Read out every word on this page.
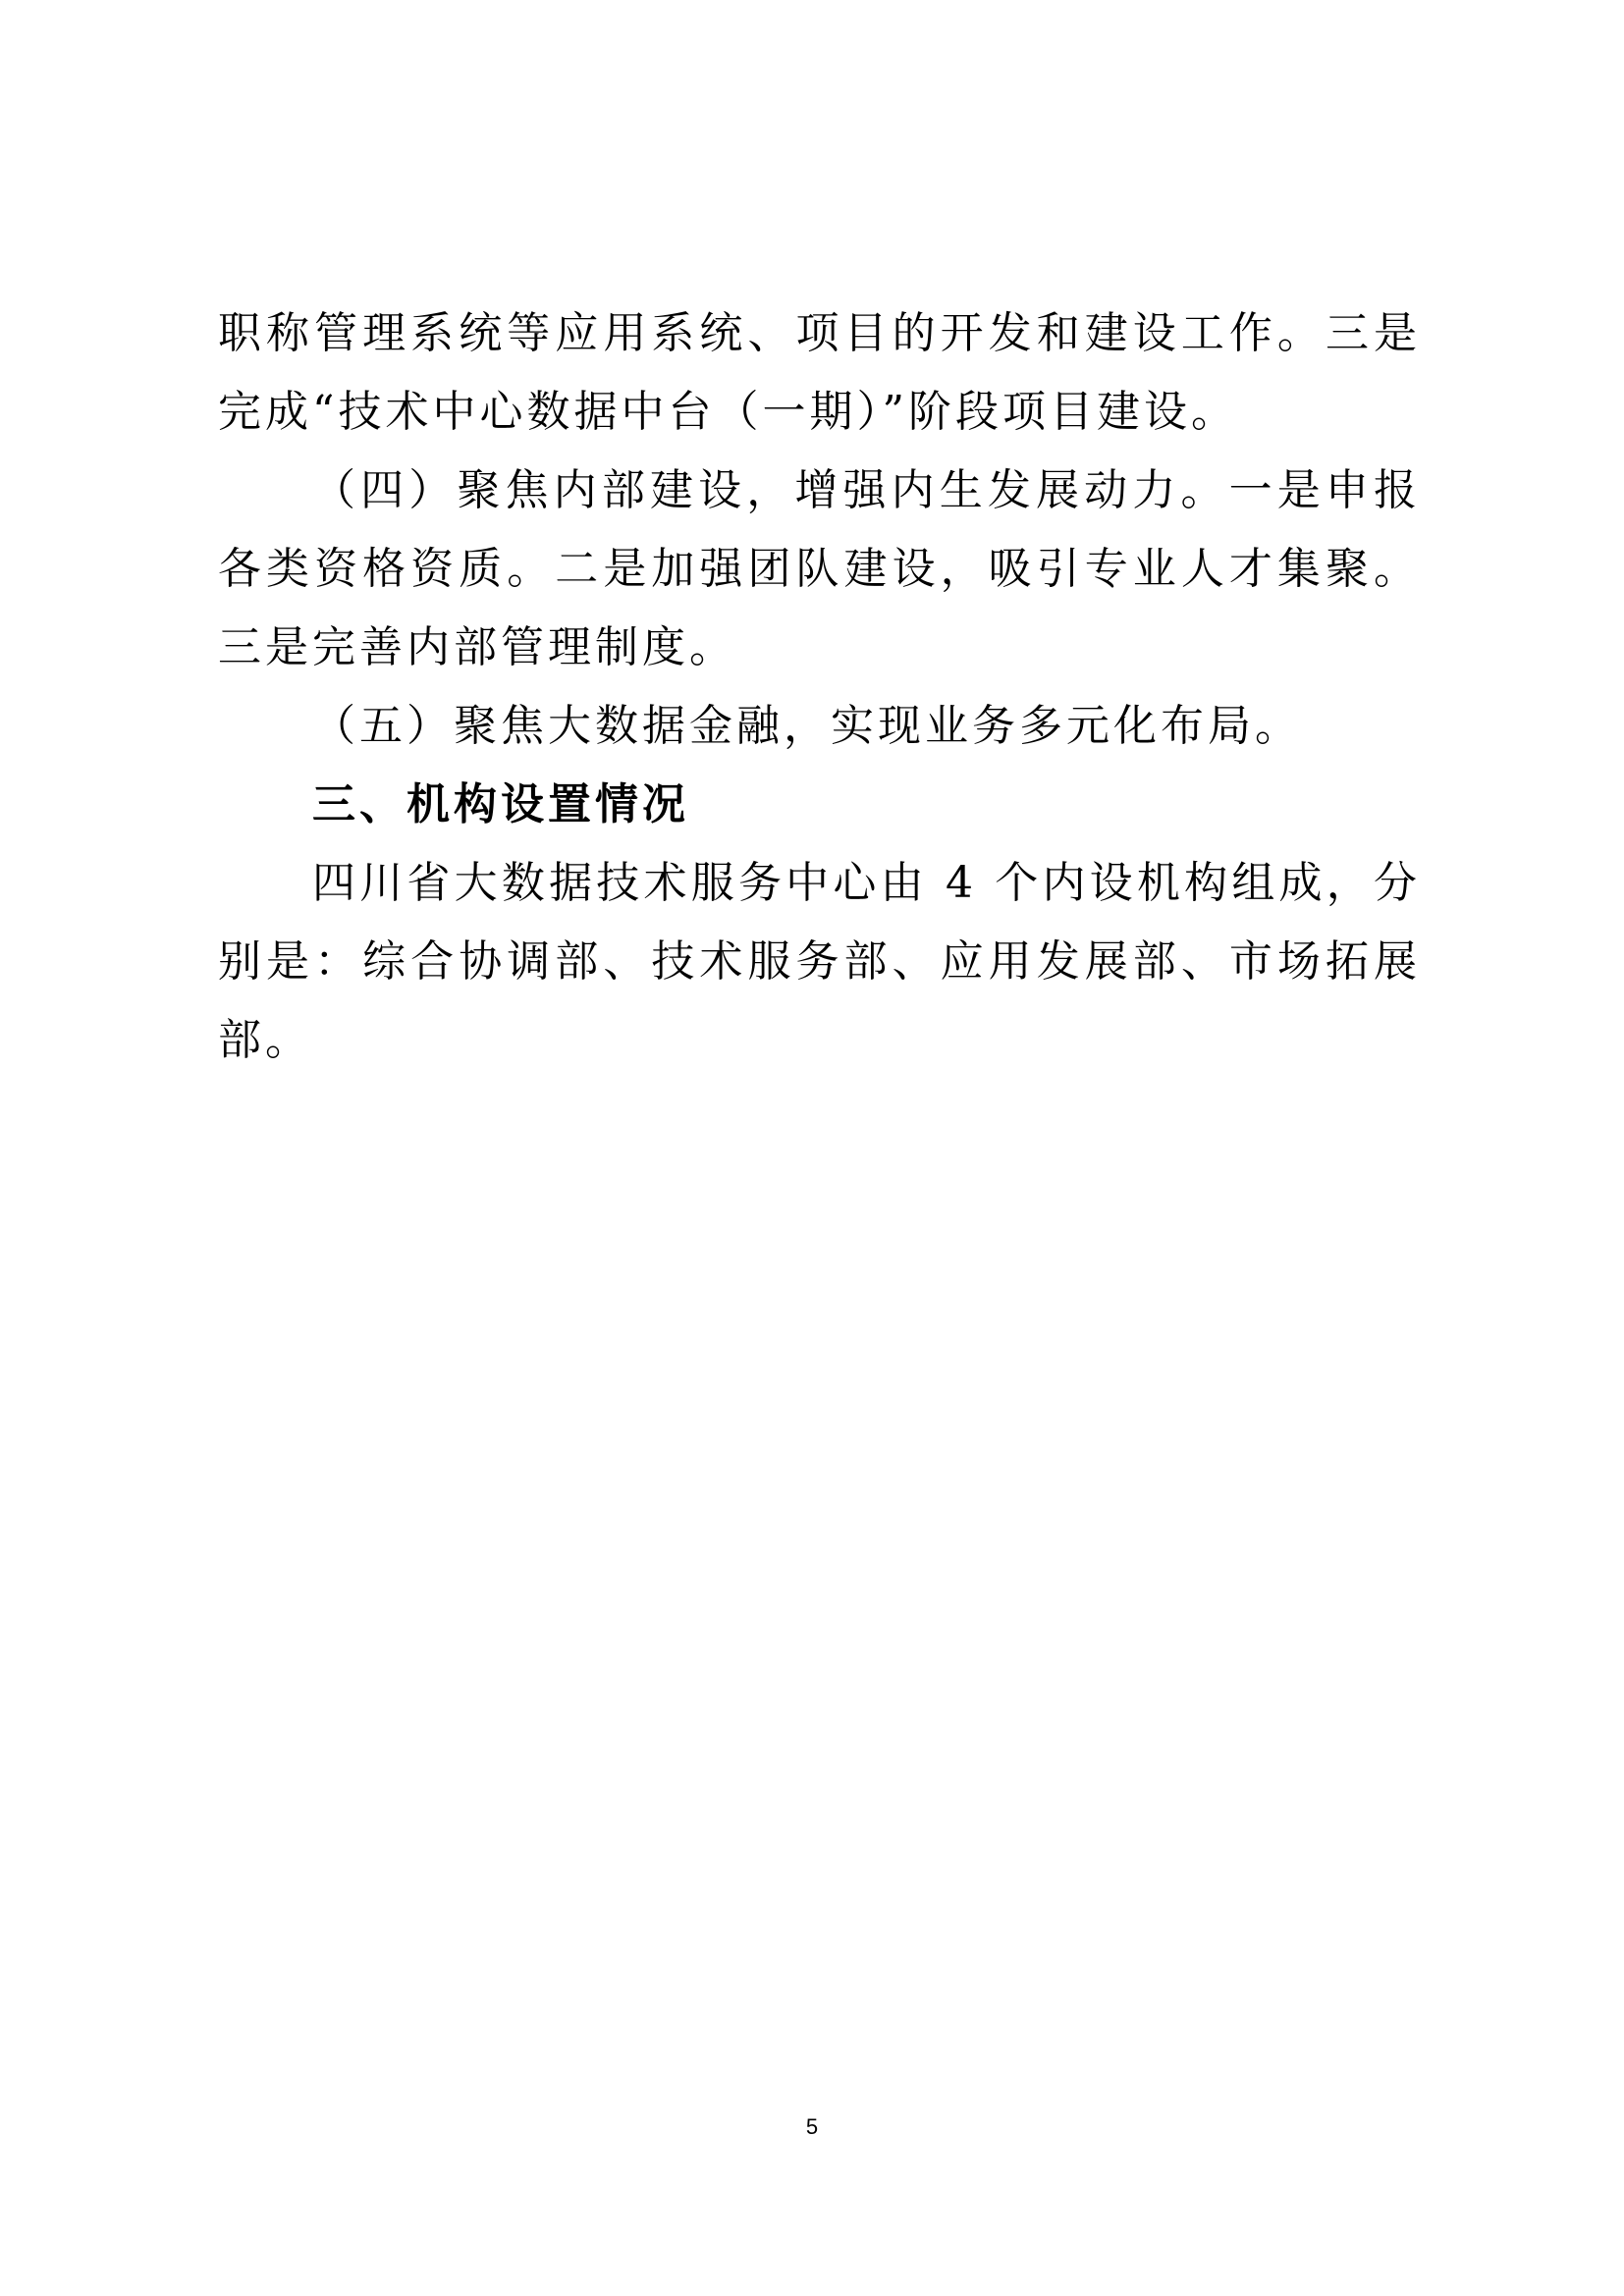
职称管理系统等应用系统、项目的开发和建设工作。三是完成“技术中心数据中台（一期）”阶段项目建设。

（四）聚焦内部建设，增强内生发展动力。一是申报各类资格资质。二是加强团队建设，吸引专业人才集聚。三是完善内部管理制度。

（五）聚焦大数据金融，实现业务多元化布局。

三、机构设置情况

四川省大数据技术服务中心由 4 个内设机构组成，分别是：综合协调部、技术服务部、应用发展部、市场拓展部。

5
